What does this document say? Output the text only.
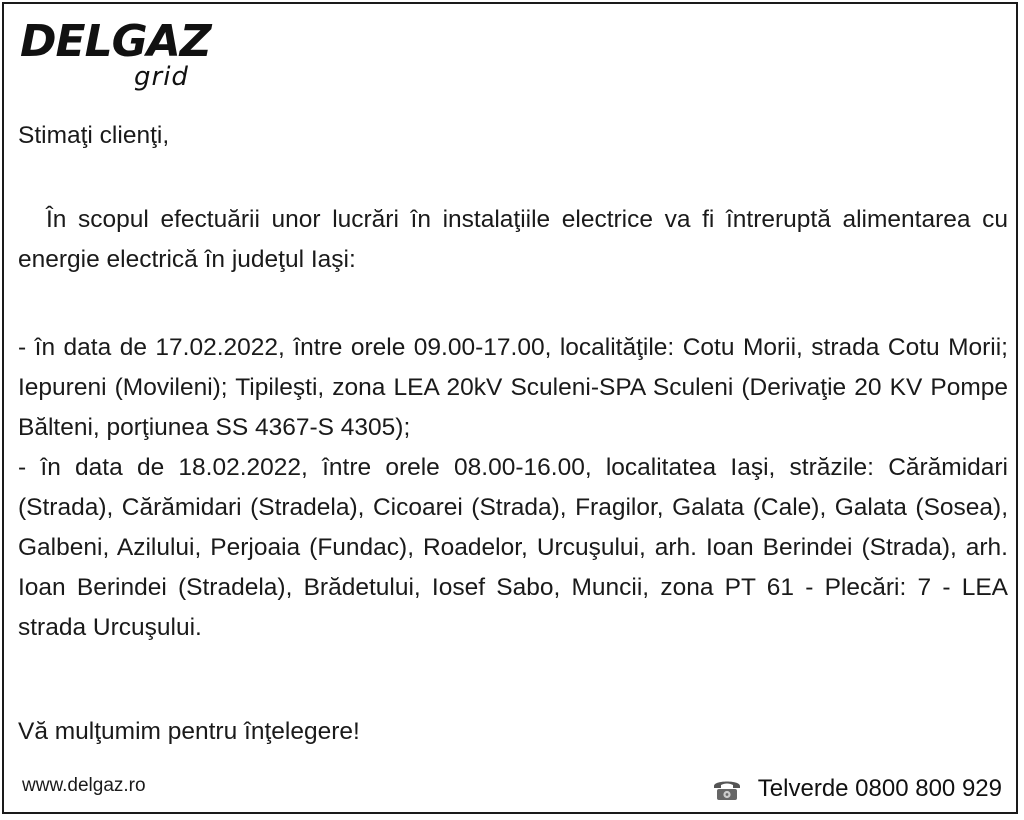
DELGAZ
grid
Stimaţi clienţi,
În scopul efectuării unor lucrări în instalaţiile electrice va fi întreruptă alimentarea cu energie electrică în judeţul Iaşi:
- în data de 17.02.2022, între orele 09.00-17.00, localităţile: Cotu Morii, strada Cotu Morii; Iepureni (Movileni); Tipileşti, zona LEA 20kV Sculeni-SPA Sculeni (Derivaţie 20 KV Pompe Bălteni, porţiunea SS 4367-S 4305);
- în data de 18.02.2022, între orele 08.00-16.00, localitatea Iaşi, străzile: Cărămidari (Strada), Cărămidari (Stradela), Cicoarei (Strada), Fragilor, Galata (Cale), Galata (Sosea), Galbeni, Azilului, Perjoaia (Fundac), Roadelor, Urcuşului, arh. Ioan Berindei (Strada), arh. Ioan Berindei (Stradela), Brădetului, Iosef Sabo, Muncii, zona PT 61 - Plecări: 7 - LEA strada Urcuşului.
Vă mulţumim pentru înţelegere!
www.delgaz.ro	Telverde 0800 800 929
